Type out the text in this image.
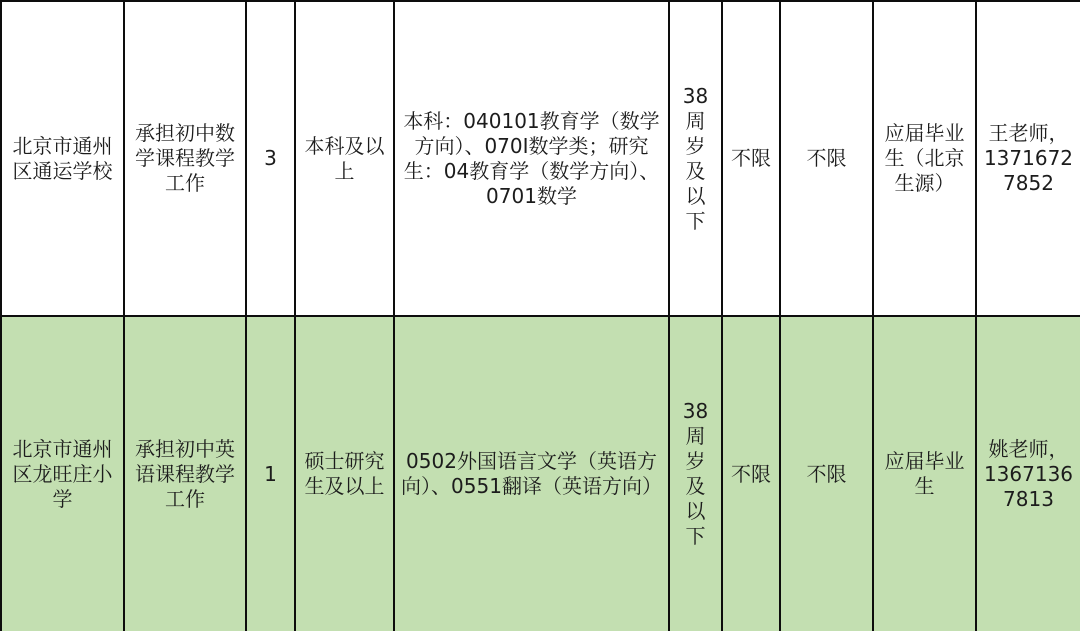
北京市通州区通运学校	承担初中数学课程教学工作	3	本科及以上	本科：040101教育学（数学方向）、070I数学类；研究生：04教育学（数学方向）、0701数学	38周岁及以下	不限	不限	应届毕业生（北京生源）	王老师，13716727852
北京市通州区龙旺庄小学	承担初中英语课程教学工作	1	硕士研究生及以上	0502外国语言文学（英语方向）、0551翻译（英语方向）	38周岁及以下	不限	不限	应届毕业生	姚老师，13671367813
